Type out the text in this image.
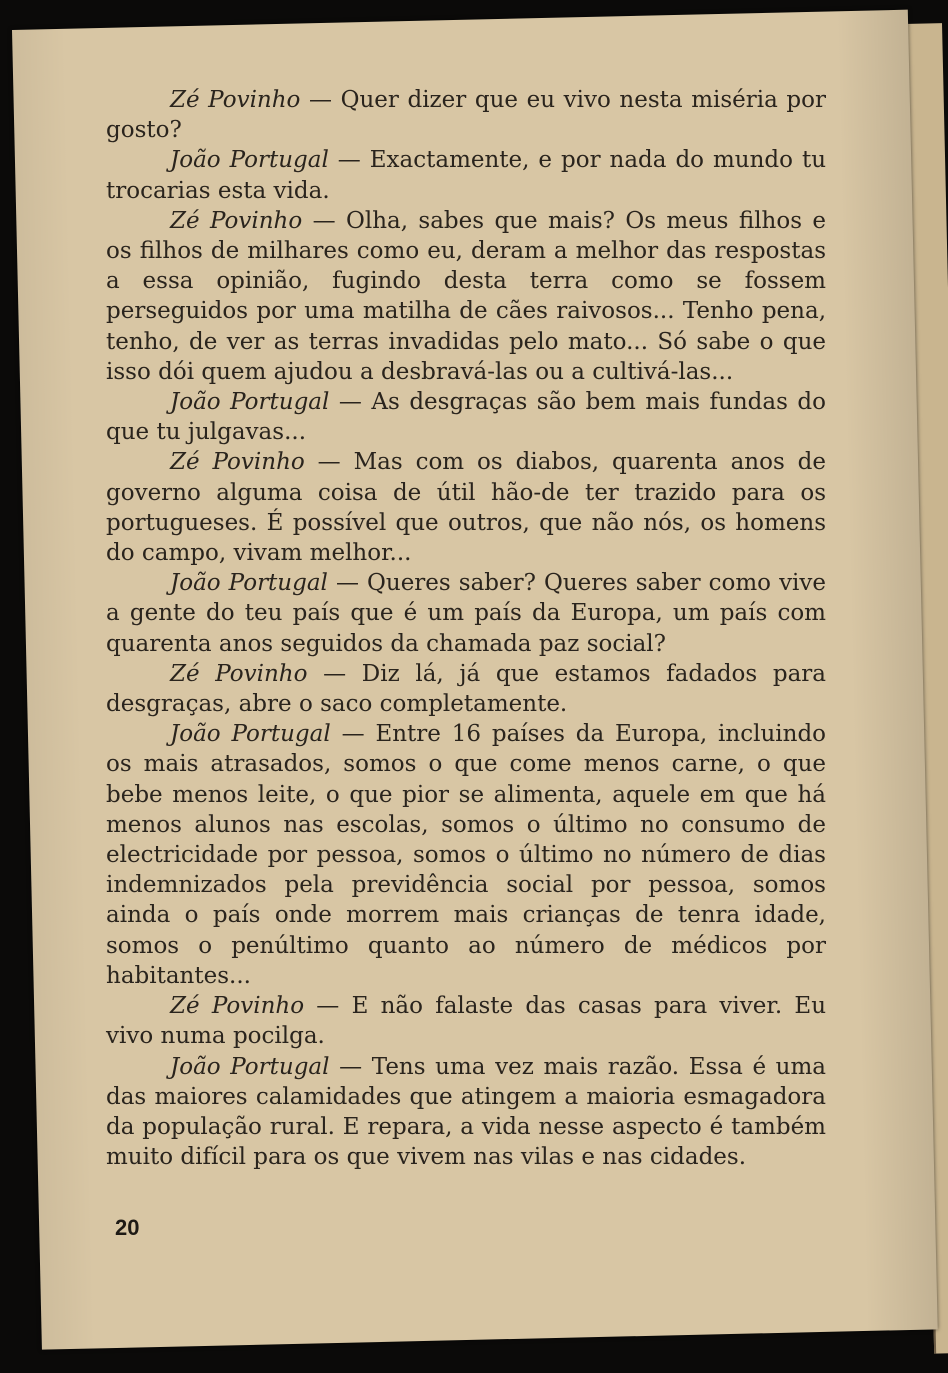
Zé Povinho — Quer dizer que eu vivo nesta miséria por gosto?

João Portugal — Exactamente, e por nada do mundo tu trocarias esta vida.

Zé Povinho — Olha, sabes que mais? Os meus filhos e os filhos de milhares como eu, deram a melhor das respostas a essa opinião, fugindo desta terra como se fossem perseguidos por uma matilha de cães raivosos... Tenho pena, tenho, de ver as terras invadidas pelo mato... Só sabe o que isso dói quem ajudou a desbravá-las ou a cultivá-las...

João Portugal — As desgraças são bem mais fundas do que tu julgavas...

Zé Povinho — Mas com os diabos, quarenta anos de governo alguma coisa de útil hão-de ter trazido para os portugueses. É possível que outros, que não nós, os homens do campo, vivam melhor...

João Portugal — Queres saber? Queres saber como vive a gente do teu país que é um país da Europa, um país com quarenta anos seguidos da chamada paz social?

Zé Povinho — Diz lá, já que estamos fadados para desgraças, abre o saco completamente.

João Portugal — Entre 16 países da Europa, incluindo os mais atrasados, somos o que come menos carne, o que bebe menos leite, o que pior se alimenta, aquele em que há menos alunos nas escolas, somos o último no consumo de electricidade por pessoa, somos o último no número de dias indemnizados pela previdência social por pessoa, somos ainda o país onde morrem mais crianças de tenra idade, somos o penúltimo quanto ao número de médicos por habitantes...

Zé Povinho — E não falaste das casas para viver. Eu vivo numa pocilga.

João Portugal — Tens uma vez mais razão. Essa é uma das maiores calamidades que atingem a maioria esmagadora da população rural. E repara, a vida nesse aspecto é também muito difícil para os que vivem nas vilas e nas cidades.

20
